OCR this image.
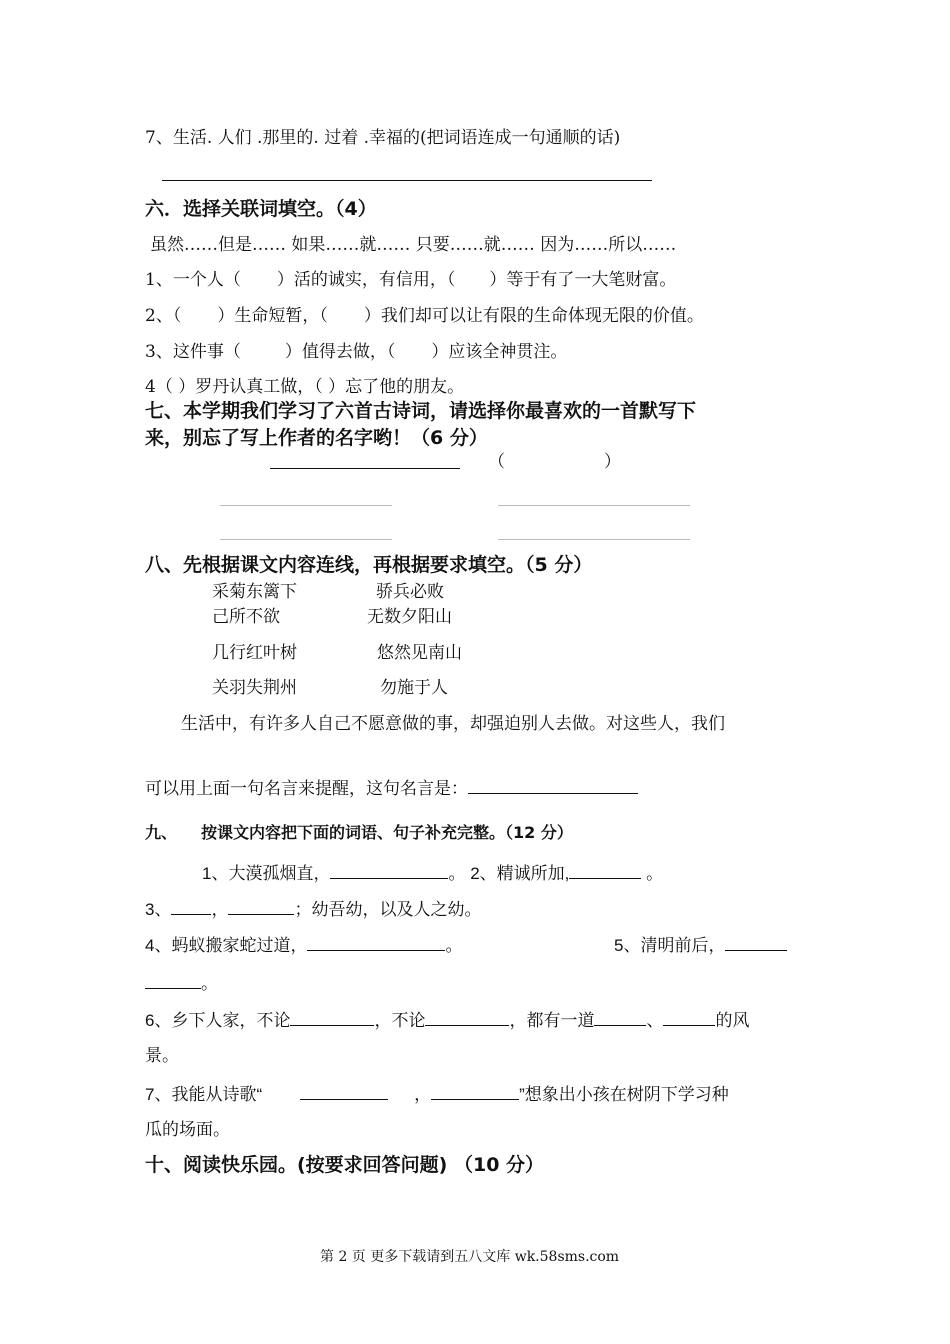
7、生活. 人们 .那里的. 过着 .幸福的(把词语连成一句通顺的话)
六．选择关联词填空。（4）
虽然……但是…… 如果……就…… 只要……就…… 因为……所以……
1、一个人（ ）活的诚实，有信用，（ ）等于有了一大笔财富。
2、（ ）生命短暂，（ ）我们却可以让有限的生命体现无限的价值。
3、这件事（	）值得去做，（ ）应该全神贯注。
4（ ）罗丹认真工做，（ ）忘了他的朋友。
七、本学期我们学习了六首古诗词，请选择你最喜欢的一首默写下
来，别忘了写上作者的名字哟！（6 分）
（	）
八、先根据课文内容连线，再根据要求填空。（5 分）
采菊东篱下	骄兵必败
己所不欲	无数夕阳山
几行红叶树	悠然见南山
关羽失荆州	勿施于人
生活中，有许多人自己不愿意做的事，却强迫别人去做。对这些人，我们
可以用上面一句名言来提醒，这句名言是：
九、 按课文内容把下面的词语、句子补充完整。（12 分）
1、大漠孤烟直，	。 2、精诚所加,	。
3、 ，	；幼吾幼，以及人之幼。
4、蚂蚁搬家蛇过道，	。	5、清明前后，
。
6、乡下人家，不论	，不论	，都有一道	、	的风
景。
7、我能从诗歌“	，	”想象出小孩在树阴下学习种
瓜的场面。
十、阅读快乐园。(按要求回答问题) （10 分）
第 2 页 更多下载请到五八文库 wk.58sms.com
